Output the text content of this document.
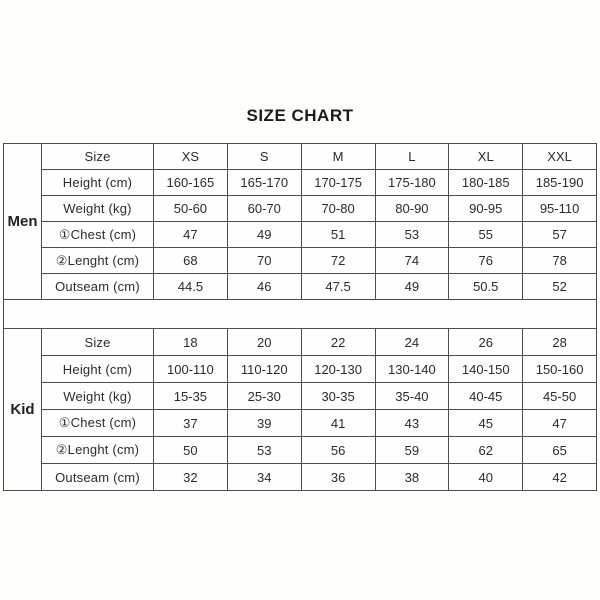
SIZE CHART
Men
Size	XS	S	M	L	XL	XXL
Height (cm)	160-165	165-170	170-175	175-180	180-185	185-190
Weight (kg)	50-60	60-70	70-80	80-90	90-95	95-110
①Chest (cm)	47	49	51	53	55	57
②Lenght (cm)	68	70	72	74	76	78
Outseam (cm)	44.5	46	47.5	49	50.5	52
Kid
Size	18	20	22	24	26	28
Height (cm)	100-110	110-120	120-130	130-140	140-150	150-160
Weight (kg)	15-35	25-30	30-35	35-40	40-45	45-50
①Chest (cm)	37	39	41	43	45	47
②Lenght (cm)	50	53	56	59	62	65
Outseam (cm)	32	34	36	38	40	42
